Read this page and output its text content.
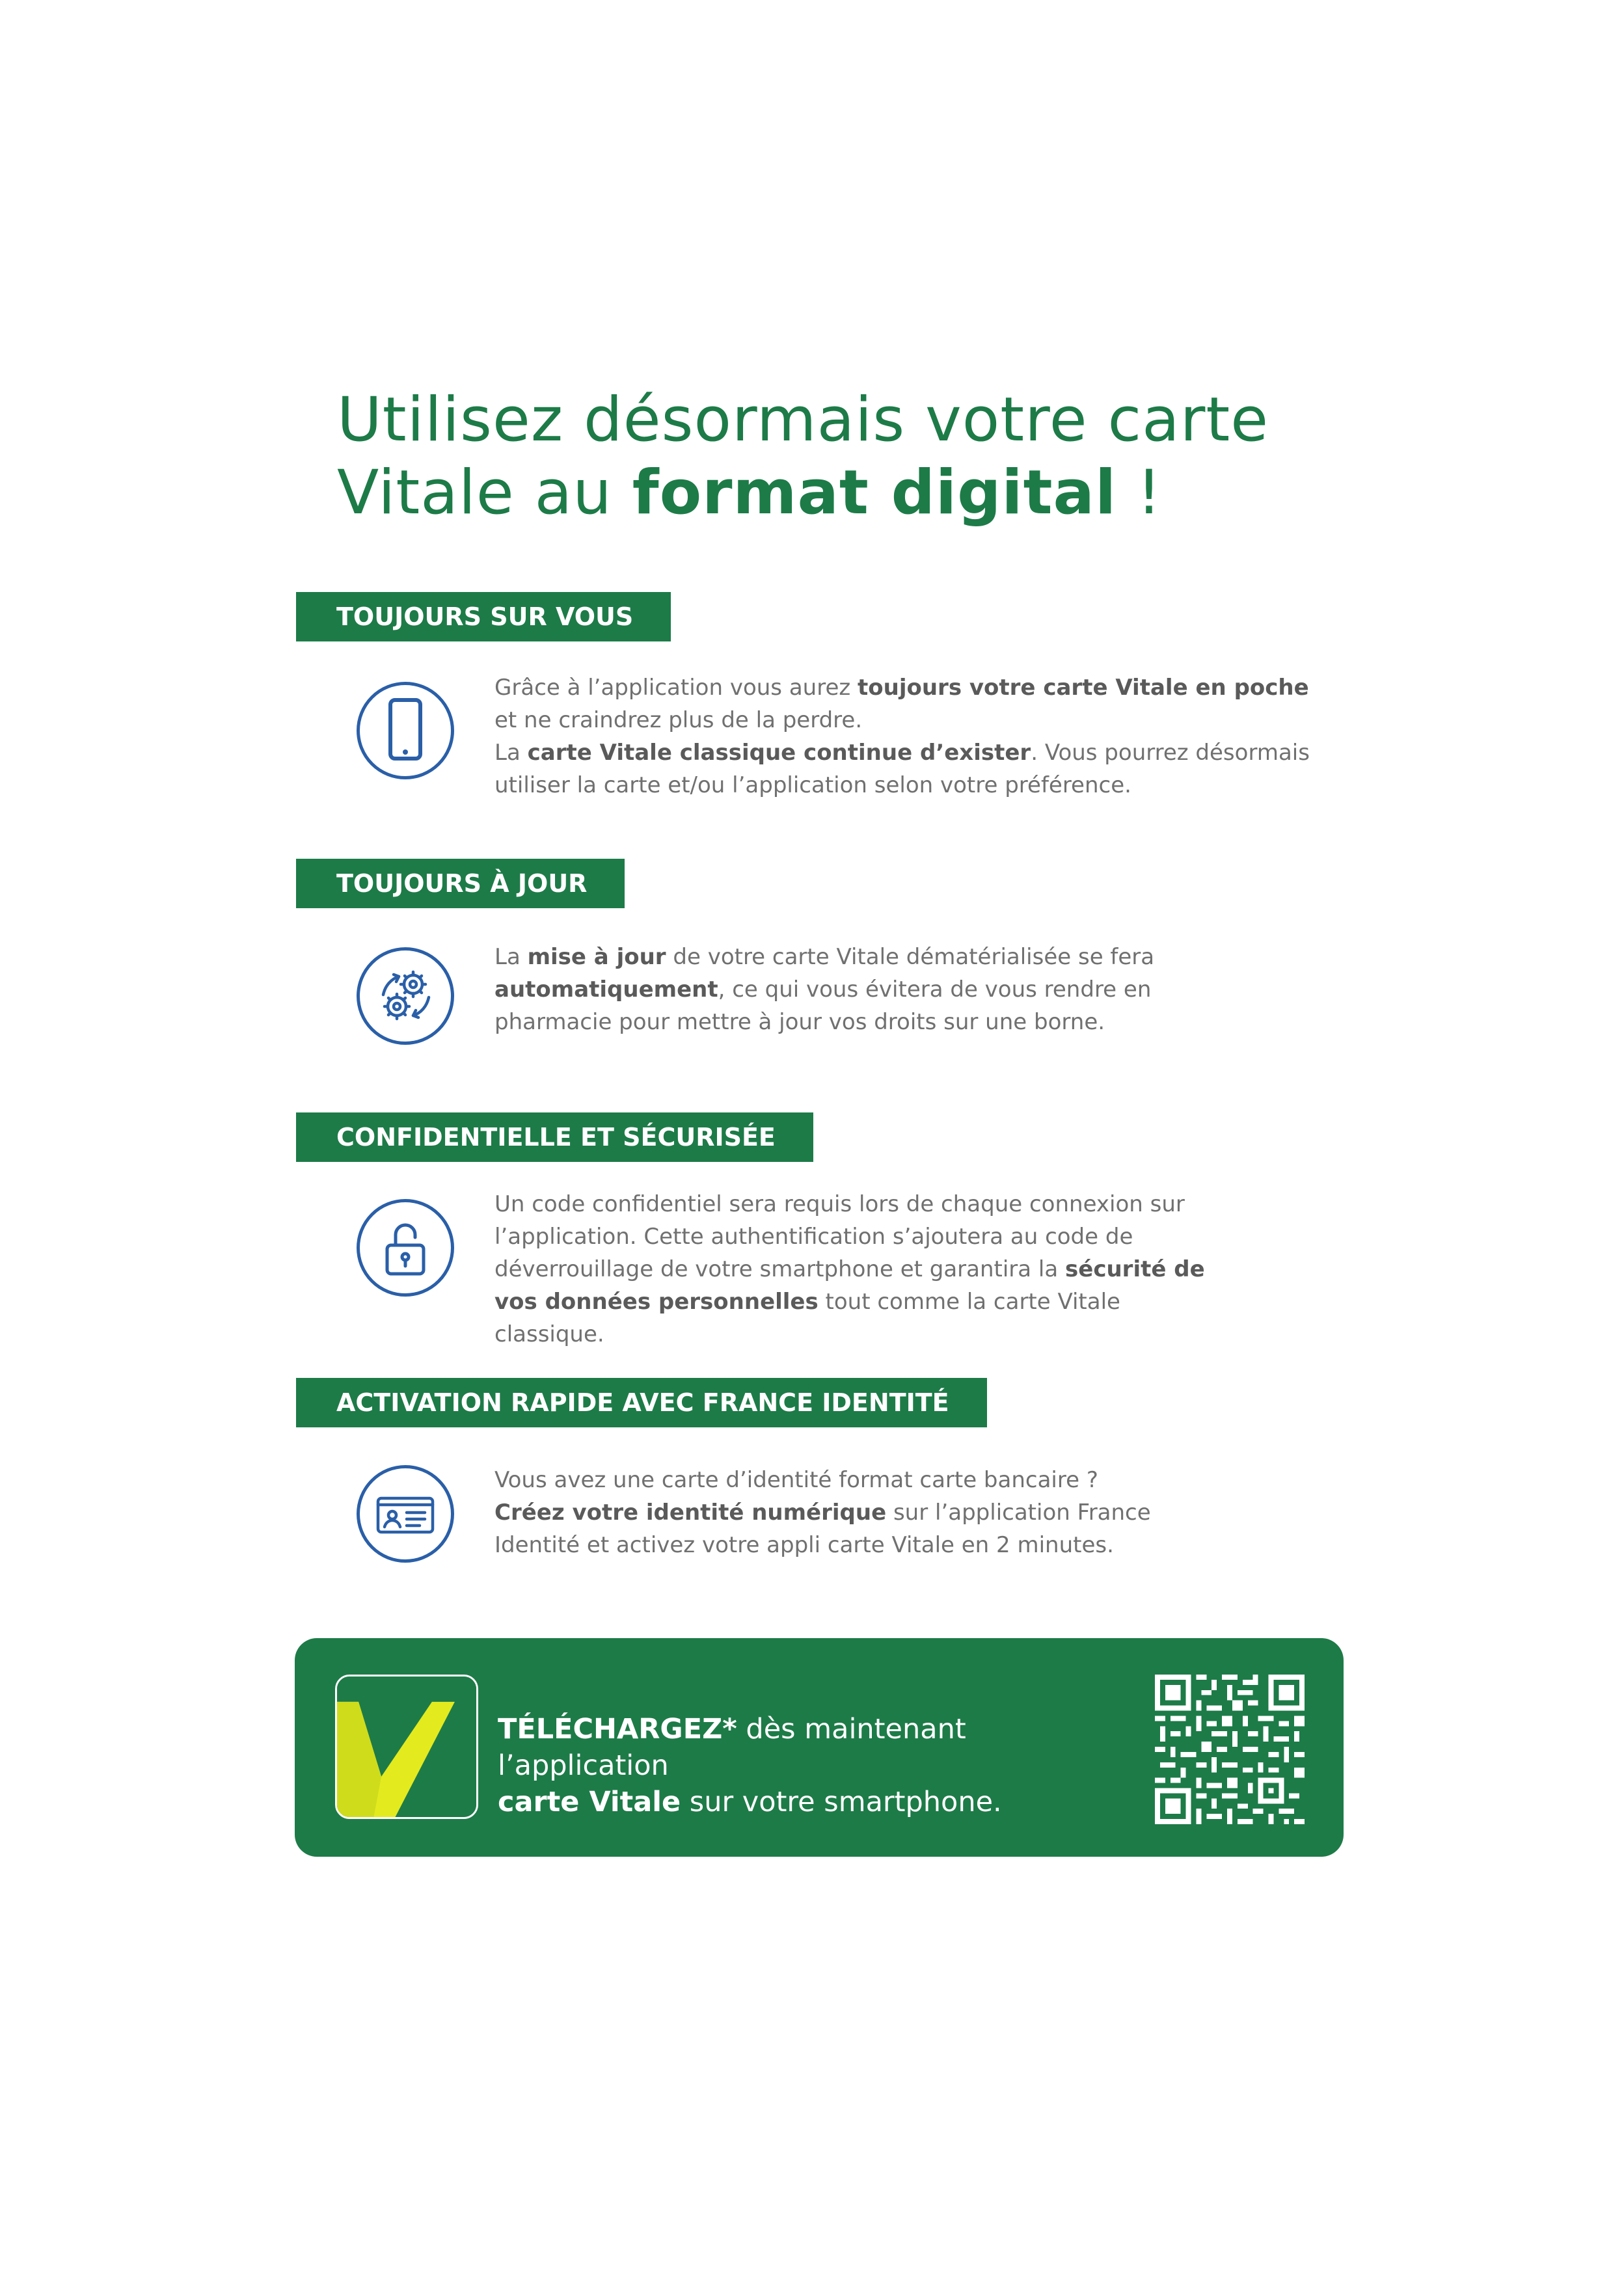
Utilisez désormais votre carte
Vitale au format digital !
TOUJOURS SUR VOUS
Grâce à l’application vous aurez toujours votre carte Vitale en poche et ne craindrez plus de la perdre.
La carte Vitale classique continue d’exister. Vous pourrez désormais utiliser la carte et/ou l’application selon votre préférence.
TOUJOURS À JOUR
La mise à jour de votre carte Vitale dématérialisée se fera automatiquement, ce qui vous évitera de vous rendre en pharmacie pour mettre à jour vos droits sur une borne.
CONFIDENTIELLE ET SÉCURISÉE
Un code confidentiel sera requis lors de chaque connexion sur l’application. Cette authentification s’ajoutera au code de déverrouillage de votre smartphone et garantira la sécurité de vos données personnelles tout comme la carte Vitale classique.
ACTIVATION RAPIDE AVEC FRANCE IDENTITÉ
Vous avez une carte d’identité format carte bancaire ?
Créez votre identité numérique sur l’application France Identité et activez votre appli carte Vitale en 2 minutes.
TÉLÉCHARGEZ* dès maintenant l’application
carte Vitale sur votre smartphone.
